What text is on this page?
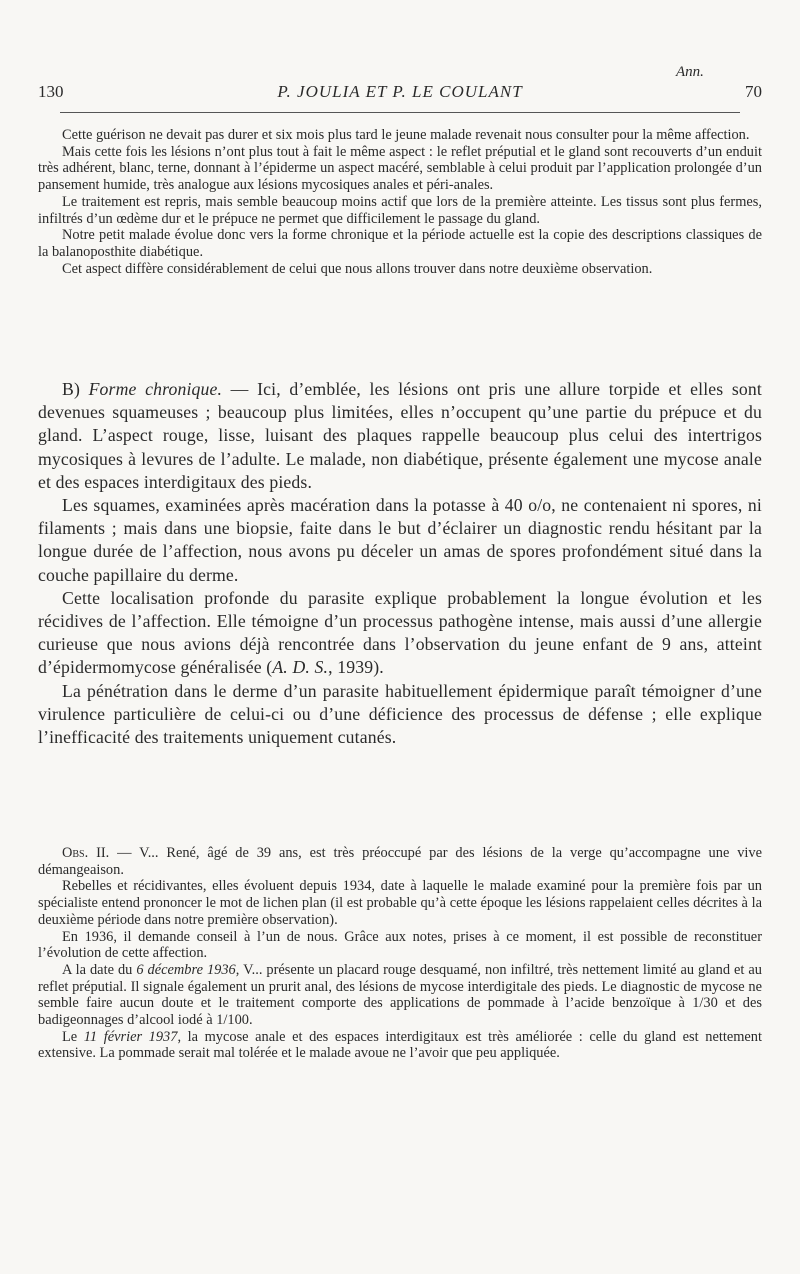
Ann.
130	P. JOULIA ET P. LE COULANT	70

Cette guérison ne devait pas durer et six mois plus tard le jeune malade revenait nous consulter pour la même affection.

Mais cette fois les lésions n’ont plus tout à fait le même aspect : le reflet préputial et le gland sont recouverts d’un enduit très adhérent, blanc, terne, donnant à l’épiderme un aspect macéré, semblable à celui produit par l’application prolongée d’un pansement humide, très analogue aux lésions mycosiques anales et péri-anales.

Le traitement est repris, mais semble beaucoup moins actif que lors de la première atteinte. Les tissus sont plus fermes, infiltrés d’un œdème dur et le prépuce ne permet que difficilement le passage du gland.

Notre petit malade évolue donc vers la forme chronique et la période actuelle est la copie des descriptions classiques de la balanoposthite diabétique.

Cet aspect diffère considérablement de celui que nous allons trouver dans notre deuxième observation.

B) Forme chronique. — Ici, d’emblée, les lésions ont pris une allure torpide et elles sont devenues squameuses ; beaucoup plus limitées, elles n’occupent qu’une partie du prépuce et du gland. L’aspect rouge, lisse, luisant des plaques rappelle beaucoup plus celui des intertrigos mycosiques à levures de l’adulte. Le malade, non diabétique, présente également une mycose anale et des espaces interdigitaux des pieds.

Les squames, examinées après macération dans la potasse à 40 o/o, ne contenaient ni spores, ni filaments ; mais dans une biopsie, faite dans le but d’éclairer un diagnostic rendu hésitant par la longue durée de l’affection, nous avons pu déceler un amas de spores profondément situé dans la couche papillaire du derme.

Cette localisation profonde du parasite explique probablement la longue évolution et les récidives de l’affection. Elle témoigne d’un processus pathogène intense, mais aussi d’une allergie curieuse que nous avions déjà rencontrée dans l’observation du jeune enfant de 9 ans, atteint d’épidermomycose généralisée (A. D. S., 1939).

La pénétration dans le derme d’un parasite habituellement épidermique paraît témoigner d’une virulence particulière de celui-ci ou d’une déficience des processus de défense ; elle explique l’inefficacité des traitements uniquement cutanés.

Obs. II. — V... René, âgé de 39 ans, est très préoccupé par des lésions de la verge qu’accompagne une vive démangeaison.

Rebelles et récidivantes, elles évoluent depuis 1934, date à laquelle le malade examiné pour la première fois par un spécialiste entend prononcer le mot de lichen plan (il est probable qu’à cette époque les lésions rappelaient celles décrites à la deuxième période dans notre première observation).

En 1936, il demande conseil à l’un de nous. Grâce aux notes, prises à ce moment, il est possible de reconstituer l’évolution de cette affection.

A la date du 6 décembre 1936, V... présente un placard rouge desquamé, non infiltré, très nettement limité au gland et au reflet préputial. Il signale également un prurit anal, des lésions de mycose interdigitale des pieds. Le diagnostic de mycose ne semble faire aucun doute et le traitement comporte des applications de pommade à l’acide benzoïque à 1/30 et des badigeonnages d’alcool iodé à 1/100.

Le 11 février 1937, la mycose anale et des espaces interdigitaux est très améliorée : celle du gland est nettement extensive. La pommade serait mal tolérée et le malade avoue ne l’avoir que peu appliquée.
